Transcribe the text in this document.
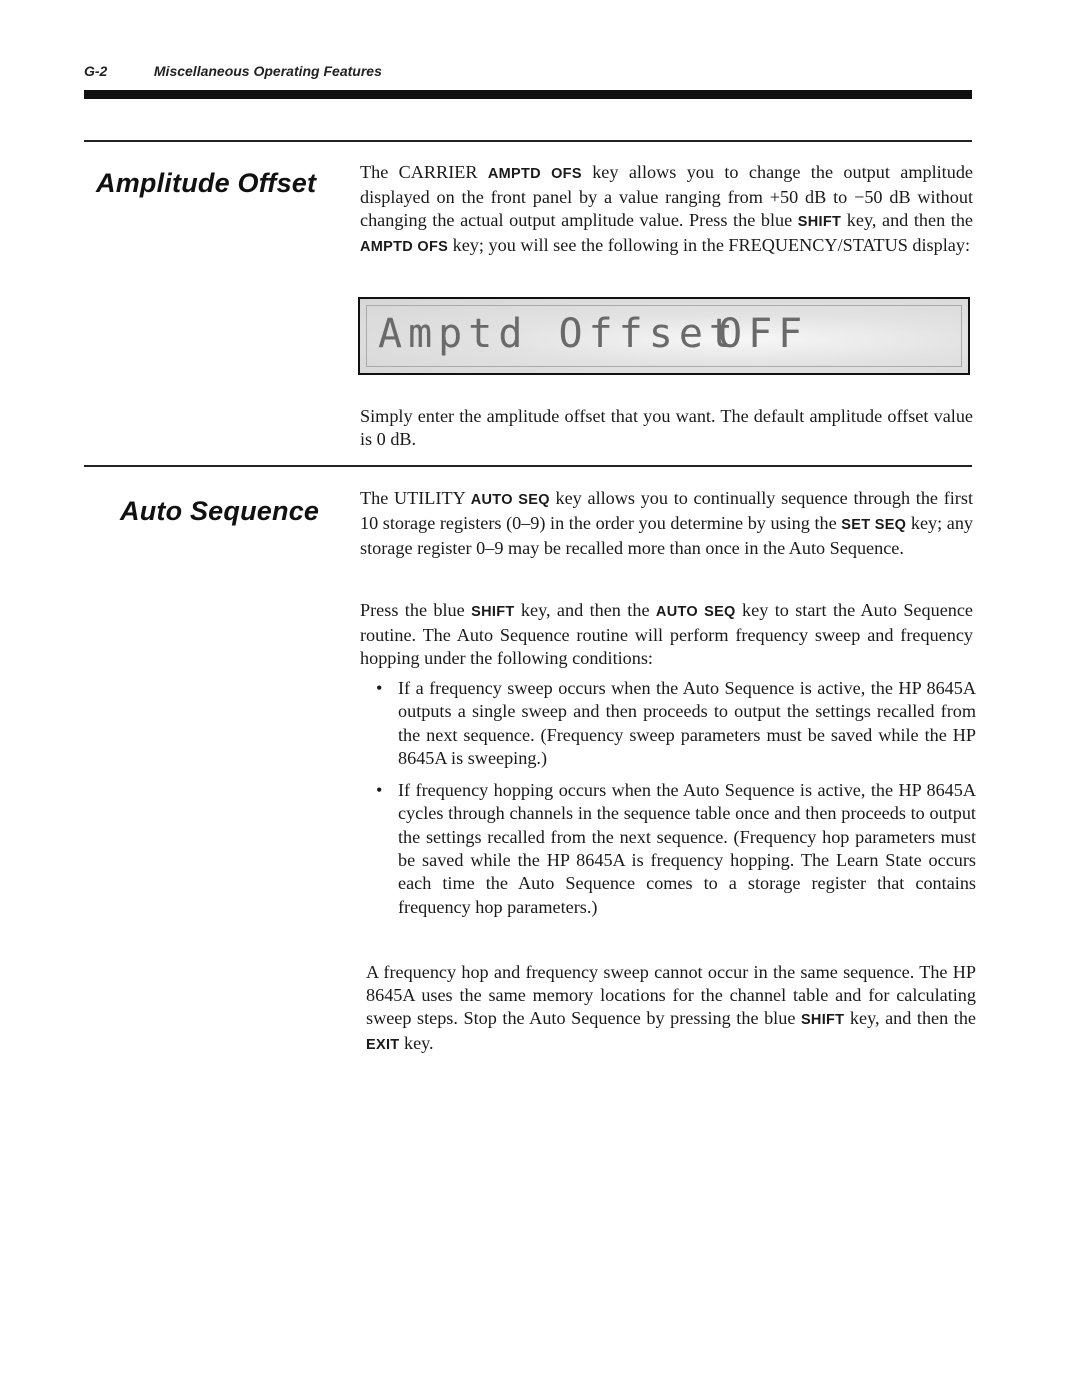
G-2	Miscellaneous Operating Features
Amplitude Offset The CARRIER AMPTD OFS key allows you to change the output amplitude displayed on the front panel by a value ranging from +50 dB to −50 dB without changing the actual output amplitude value. Press the blue SHIFT key, and then the AMPTD OFS key; you will see the following in the FREQUENCY/STATUS display:
Amptd Offset
OFF
Simply enter the amplitude offset that you want. The default amplitude offset value is 0 dB.
Auto Sequence The UTILITY AUTO SEQ key allows you to continually sequence through the first 10 storage registers (0–9) in the order you determine by using the SET SEQ key; any storage register 0–9 may be recalled more than once in the Auto Sequence.
Press the blue SHIFT key, and then the AUTO SEQ key to start the Auto Sequence routine. The Auto Sequence routine will perform frequency sweep and frequency hopping under the following conditions:
• If a frequency sweep occurs when the Auto Sequence is active, the HP 8645A outputs a single sweep and then proceeds to output the settings recalled from the next sequence. (Frequency sweep parameters must be saved while the HP 8645A is sweeping.)
• If frequency hopping occurs when the Auto Sequence is active, the HP 8645A cycles through channels in the sequence table once and then proceeds to output the settings recalled from the next sequence. (Frequency hop parameters must be saved while the HP 8645A is frequency hopping. The Learn State occurs each time the Auto Sequence comes to a storage register that contains frequency hop parameters.)
A frequency hop and frequency sweep cannot occur in the same sequence. The HP 8645A uses the same memory locations for the channel table and for calculating sweep steps. Stop the Auto Sequence by pressing the blue SHIFT key, and then the EXIT key.
